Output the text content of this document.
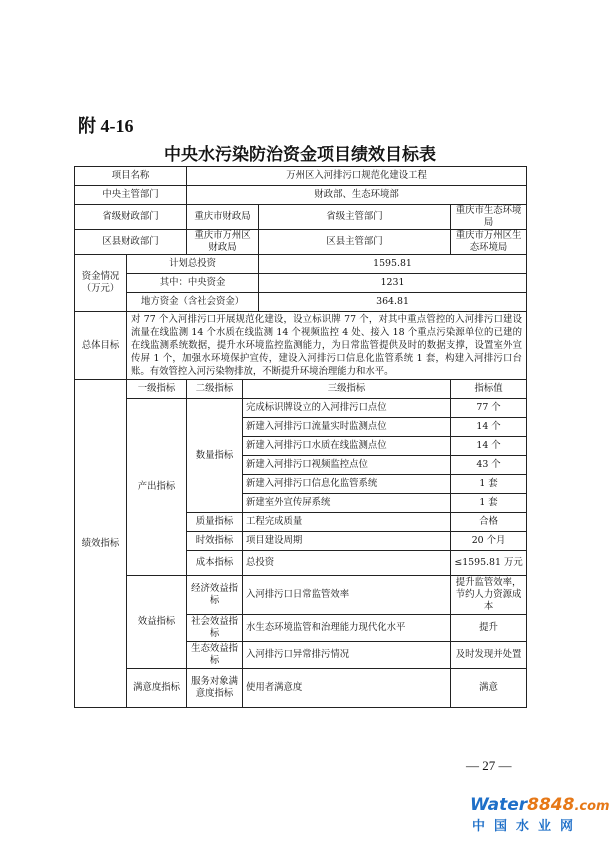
附 4-16
中央水污染防治资金项目绩效目标表
项目名称		万州区入河排污口规范化建设工程			
中央主管部门		财政部、生态环境部			
省级财政部门		重庆市财政局		省级主管部门	重庆市生态环境局
区县财政部门		重庆市万州区财政局		区县主管部门	重庆市万州区生态环境局
资金情况（万元）	计划总投资			1595.81	
	其中：中央资金			1231	
	地方资金（含社会资金）			364.81	
总体目标	对 77 个入河排污口开展规范化建设，设立标识牌 77 个，对其中重点管控的入河排污口建设流量在线监测 14 个水质在线监测 14 个视频监控 4 处、接入 18 个重点污染源单位的已建的在线监测系统数据，提升水环境监控监测能力，为日常监管提供及时的数据支撑，设置室外宣传屏 1 个，加强水环境保护宣传，建设入河排污口信息化监管系统 1 套，构建入河排污口台账。有效管控入河污染物排放，不断提升环境治理能力和水平。				
绩效指标	一级指标	二级指标	三级指标		指标值
	产出指标	数量指标	完成标识牌设立的入河排污口点位		77 个
			新建入河排污口流量实时监测点位		14 个
			新建入河排污口水质在线监测点位		14 个
			新建入河排污口视频监控点位		43 个
			新建入河排污口信息化监管系统		1 套
			新建室外宣传屏系统		1 套
		质量指标	工程完成质量		合格
		时效指标	项目建设周期		20 个月
		成本指标	总投资		≤1595.81 万元
	效益指标	经济效益指标	入河排污口日常监管效率		提升监管效率，节约人力资源成本
		社会效益指标	水生态环境监管和治理能力现代化水平		提升
		生态效益指标	入河排污口异常排污情况		及时发现并处置
	满意度指标	服务对象满意度指标	使用者满意度		满意
— 27 —
Water8848.com
中国水业网
